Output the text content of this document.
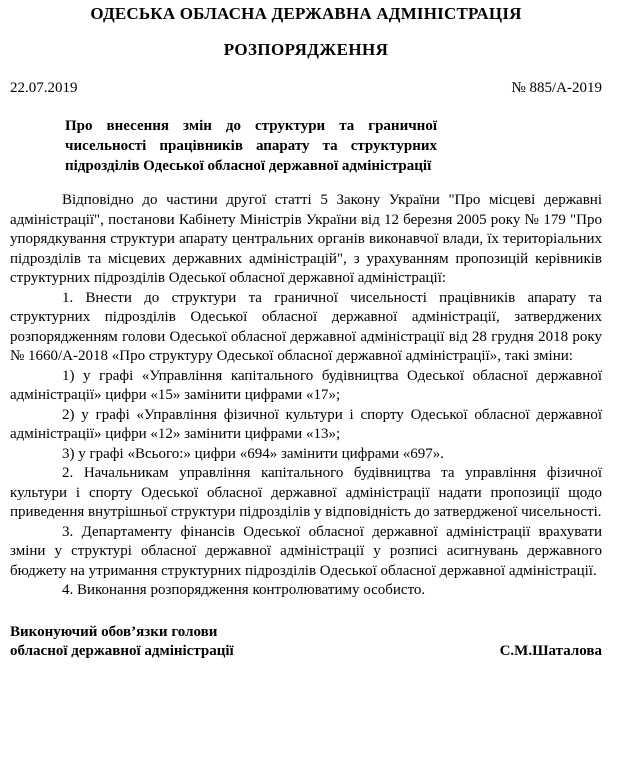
ОДЕСЬКА ОБЛАСНА ДЕРЖАВНА АДМІНІСТРАЦІЯ
РОЗПОРЯДЖЕННЯ
22.07.2019	№ 885/А-2019
Про внесення змін до структури та граничної чисельності працівників апарату та структурних підрозділів Одеської обласної державної адміністрації

Відповідно до частини другої статті 5 Закону України "Про місцеві державні адміністрації", постанови Кабінету Міністрів України від 12 березня 2005 року № 179 "Про упорядкування структури апарату центральних органів виконавчої влади, їх територіальних підрозділів та місцевих державних адміністрацій", з урахуванням пропозицій керівників структурних підрозділів Одеської обласної державної адміністрації:

1. Внести до структури та граничної чисельності працівників апарату та структурних підрозділів Одеської обласної державної адміністрації, затверджених розпорядженням голови Одеської обласної державної адміністрації від 28 грудня 2018 року № 1660/А-2018 «Про структуру Одеської обласної державної адміністрації», такі зміни:

1) у графі «Управління капітального будівництва Одеської обласної державної адміністрації» цифри «15» замінити цифрами «17»;

2) у графі «Управління фізичної культури і спорту Одеської обласної державної адміністрації» цифри «12» замінити цифрами «13»;

3) у графі «Всього:» цифри «694» замінити цифрами «697».

2. Начальникам управління капітального будівництва та управління фізичної культури і спорту Одеської обласної державної адміністрації надати пропозиції щодо приведення внутрішньої структури підрозділів у відповідність до затвердженої чисельності.

3. Департаменту фінансів Одеської обласної державної адміністрації врахувати зміни у структурі обласної державної адміністрації у розписі асигнувань державного бюджету на утримання структурних підрозділів Одеської обласної державної адміністрації.

4. Виконання розпорядження контролюватиму особисто.

Виконуючий обов’язки голови
обласної державної адміністрації	С.М.Шаталова
